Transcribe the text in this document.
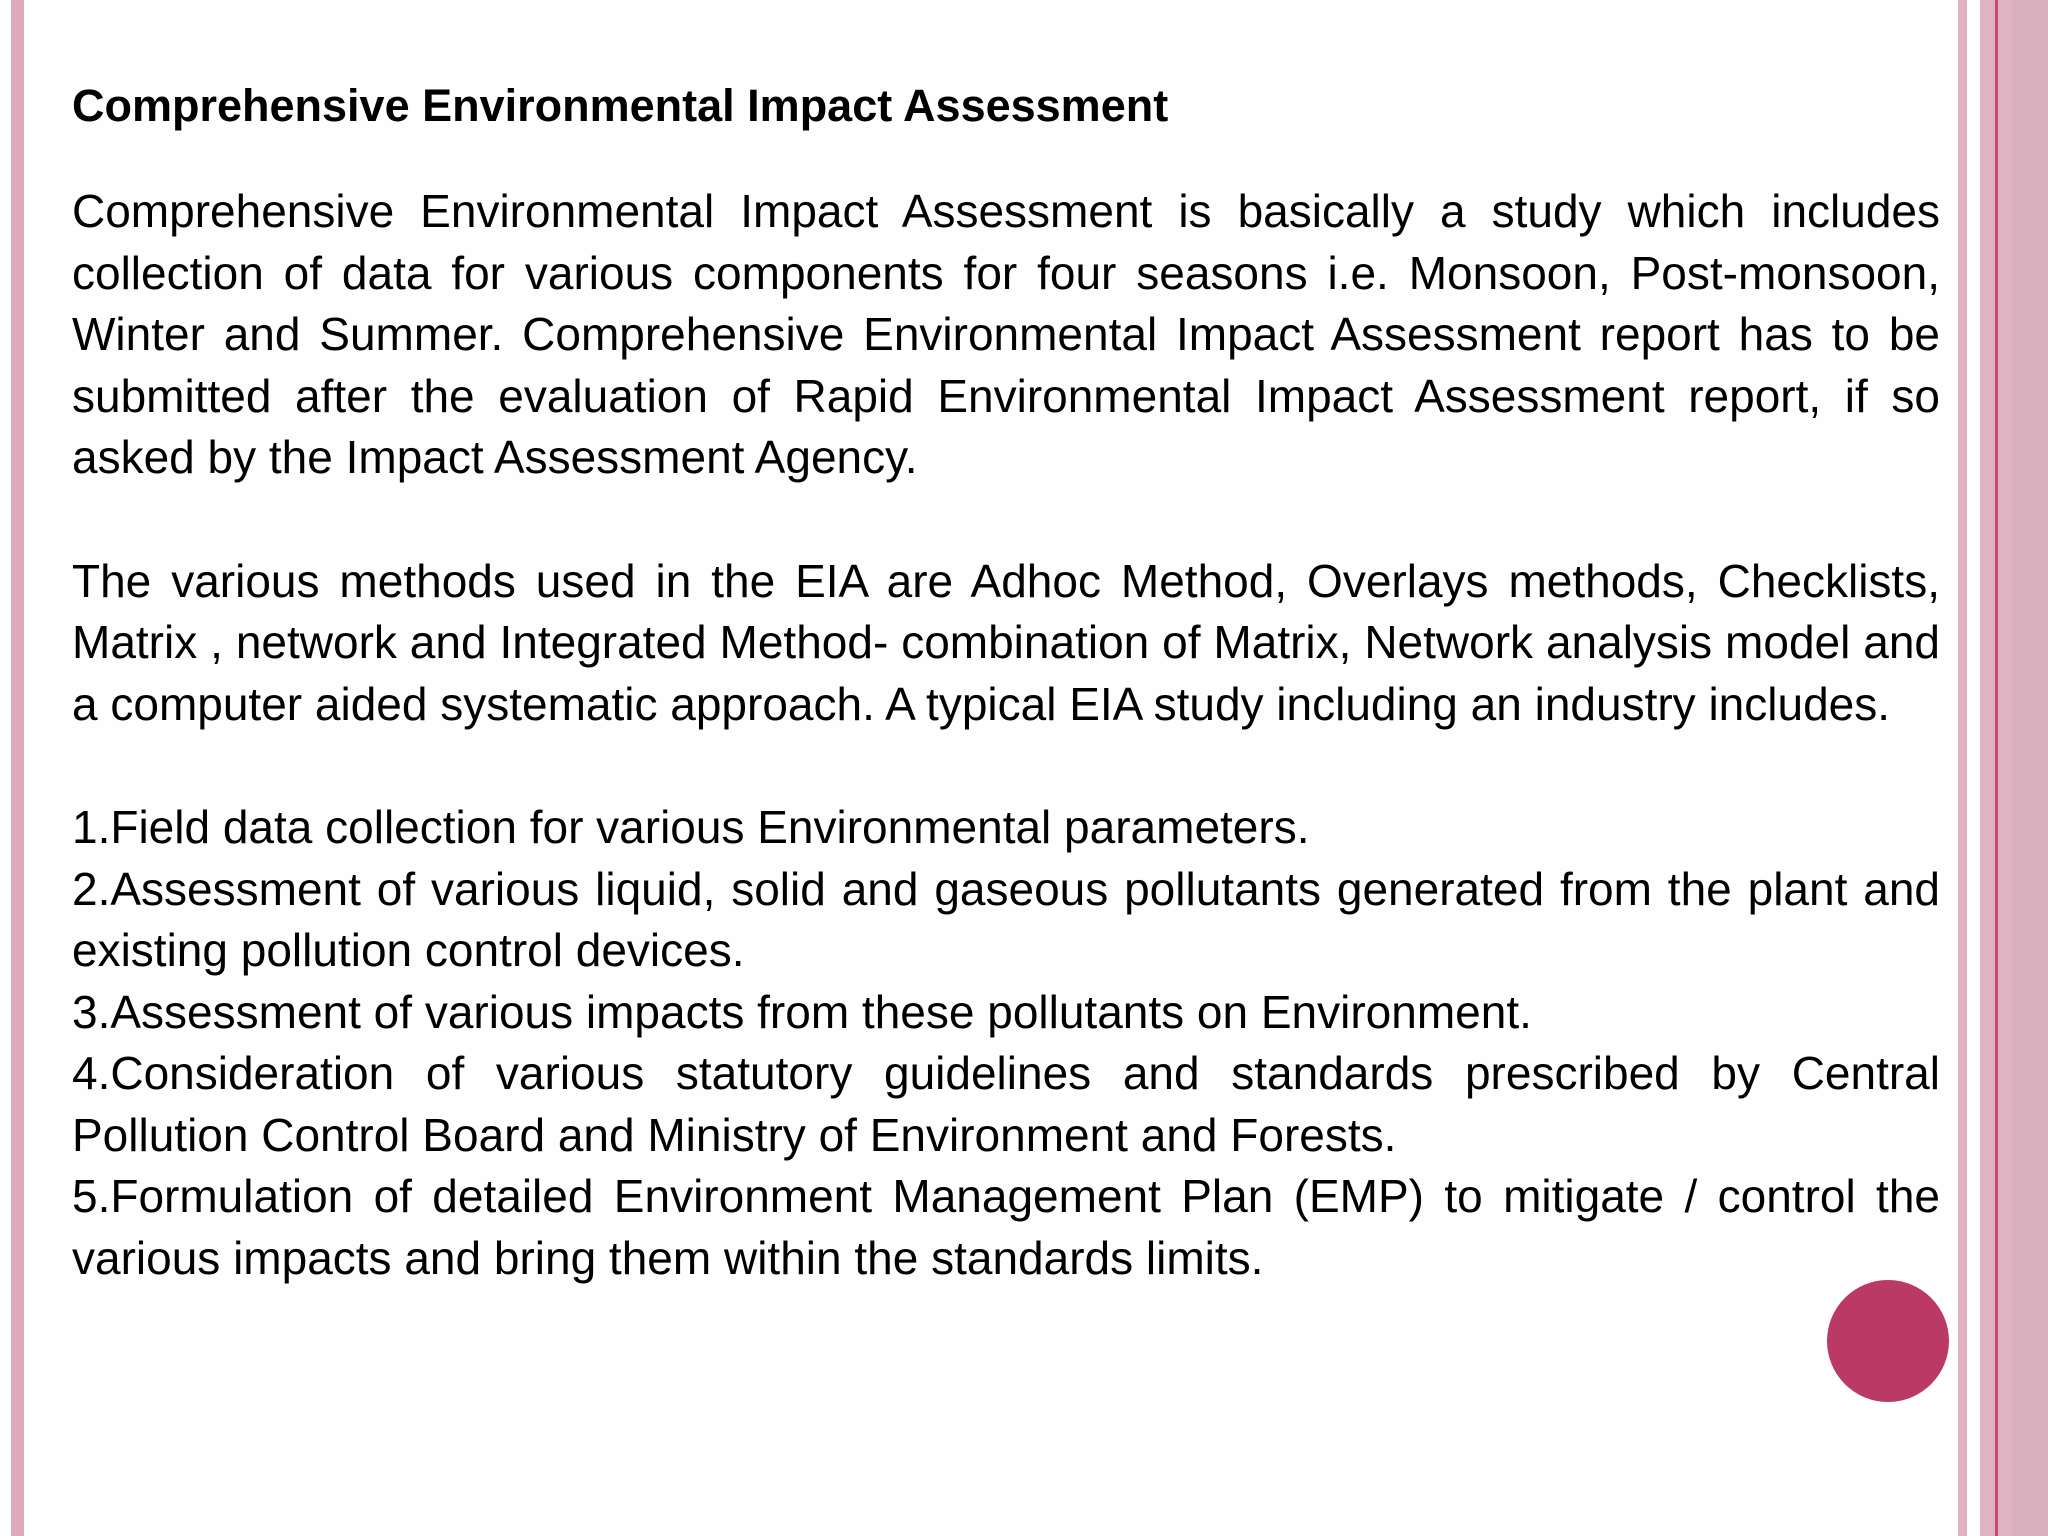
Comprehensive Environmental Impact Assessment

Comprehensive Environmental Impact Assessment is basically a study which includes collection of data for various components for four seasons i.e. Monsoon, Post-monsoon, Winter and Summer. Comprehensive Environmental Impact Assessment report has to be submitted after the evaluation of Rapid Environmental Impact Assessment report, if so asked by the Impact Assessment Agency.

The various methods used in the EIA are Adhoc Method, Overlays methods, Checklists, Matrix , network and Integrated Method- combination of Matrix, Network analysis model and a computer aided systematic approach. A typical EIA study including an industry includes.

1.Field data collection for various Environmental parameters.
2.Assessment of various liquid, solid and gaseous pollutants generated from the plant and existing pollution control devices.
3.Assessment of various impacts from these pollutants on Environment.
4.Consideration of various statutory guidelines and standards prescribed by Central Pollution Control Board and Ministry of Environment and Forests.
5.Formulation of detailed Environment Management Plan (EMP) to mitigate / control the various impacts and bring them within the standards limits.
